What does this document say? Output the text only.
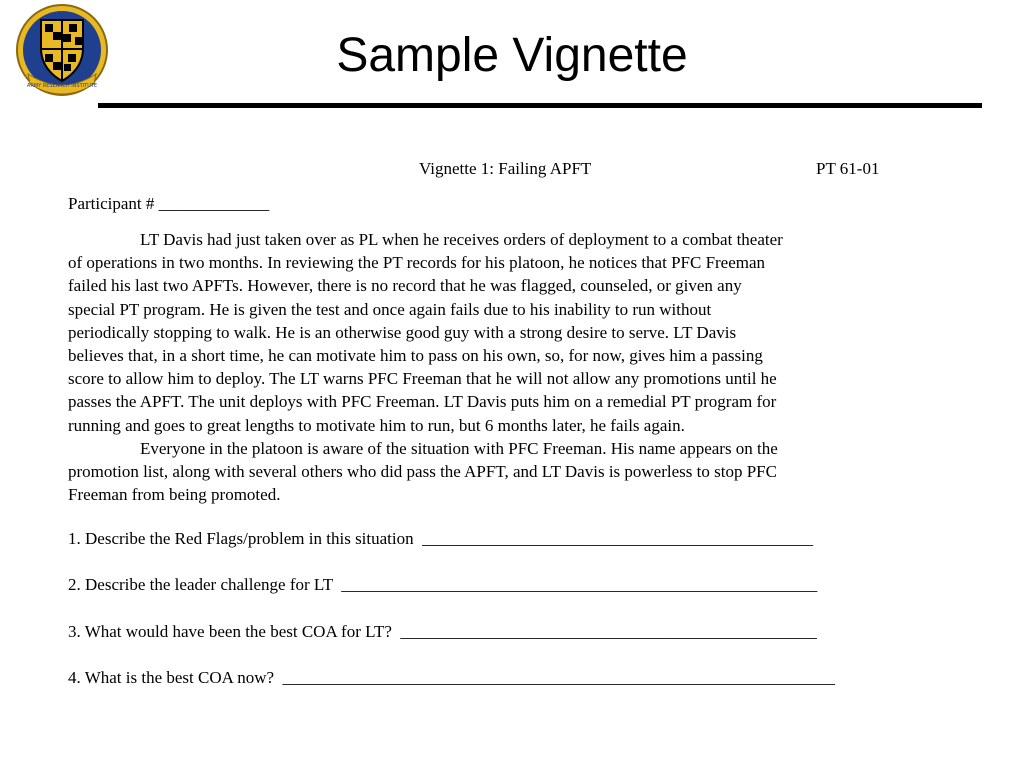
ARMY RESEARCH INSTITUTE
Sample Vignette
Vignette 1: Failing APFT	PT 61-01
Participant # _____________
LT Davis had just taken over as PL when he receives orders of deployment to a combat theater
of operations in two months. In reviewing the PT records for his platoon, he notices that PFC Freeman
failed his last two APFTs. However, there is no record that he was flagged, counseled, or given any
special PT program. He is given the test and once again fails due to his inability to run without
periodically stopping to walk. He is an otherwise good guy with a strong desire to serve. LT Davis
believes that, in a short time, he can motivate him to pass on his own, so, for now, gives him a passing
score to allow him to deploy. The LT warns PFC Freeman that he will not allow any promotions until he
passes the APFT. The unit deploys with PFC Freeman. LT Davis puts him on a remedial PT program for
running and goes to great lengths to motivate him to run, but 6 months later, he fails again.
Everyone in the platoon is aware of the situation with PFC Freeman. His name appears on the
promotion list, along with several others who did pass the APFT, and LT Davis is powerless to stop PFC
Freeman from being promoted.
1. Describe the Red Flags/problem in this situation  ______________________________________________
2. Describe the leader challenge for LT  ________________________________________________________
3. What would have been the best COA for LT?  _________________________________________________
4. What is the best COA now?  _________________________________________________________________
